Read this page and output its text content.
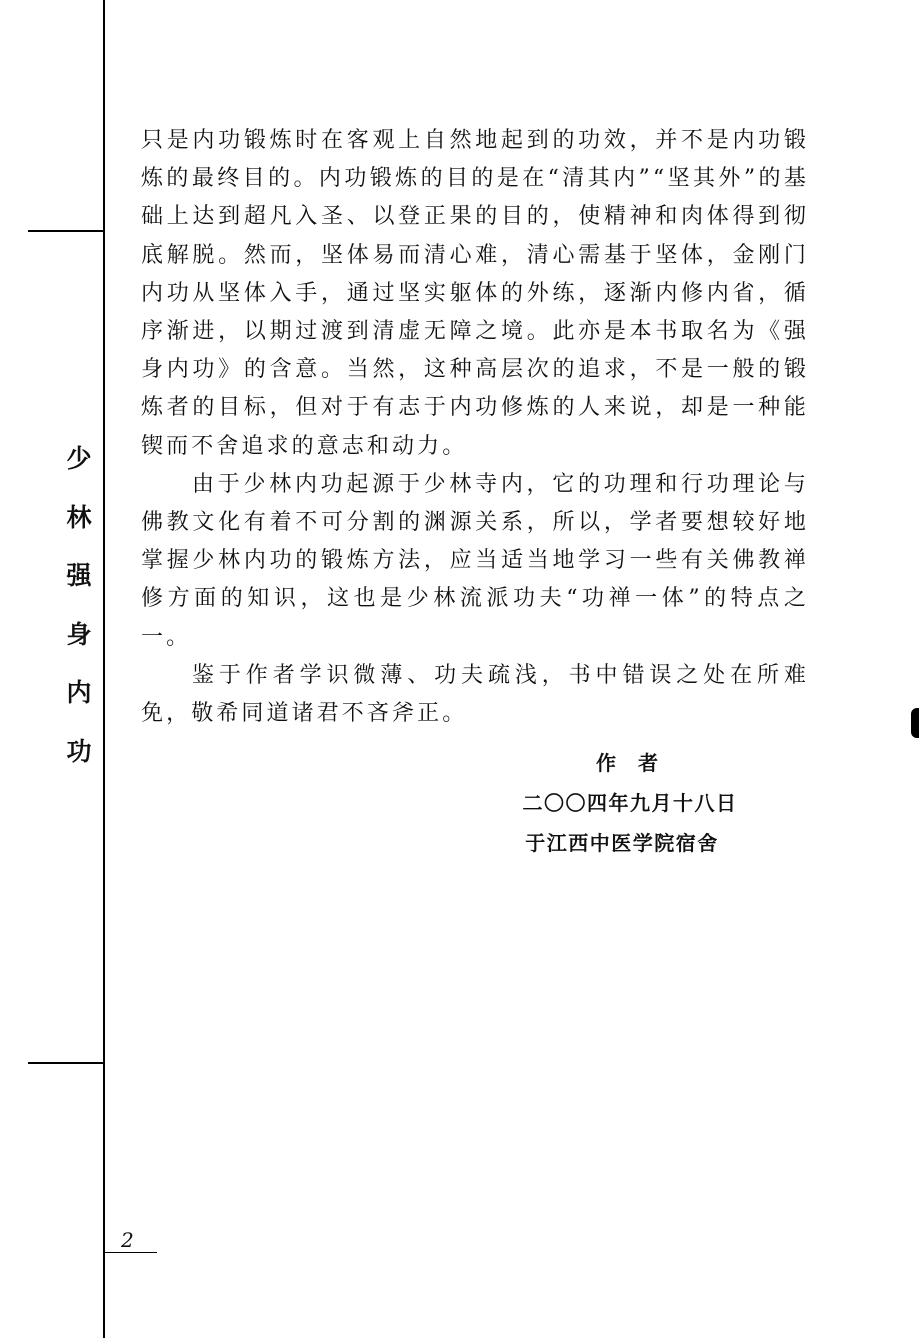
少
林
强
身
内
功

只是内功锻炼时在客观上自然地起到的功效，并不是内功锻炼的最终目的。内功锻炼的目的是在“清其内”“坚其外”的基础上达到超凡入圣、以登正果的目的，使精神和肉体得到彻底解脱。然而，坚体易而清心难，清心需基于坚体，金刚门内功从坚体入手，通过坚实躯体的外练，逐渐内修内省，循序渐进，以期过渡到清虚无障之境。此亦是本书取名为《强身内功》的含意。当然，这种高层次的追求，不是一般的锻炼者的目标，但对于有志于内功修炼的人来说，却是一种能锲而不舍追求的意志和动力。

由于少林内功起源于少林寺内，它的功理和行功理论与佛教文化有着不可分割的渊源关系，所以，学者要想较好地掌握少林内功的锻炼方法，应当适当地学习一些有关佛教禅修方面的知识，这也是少林流派功夫“功禅一体”的特点之一。

鉴于作者学识微薄、功夫疏浅，书中错误之处在所难免，敬希同道诸君不吝斧正。

作者
二〇〇四年九月十八日
于江西中医学院宿舍
2
